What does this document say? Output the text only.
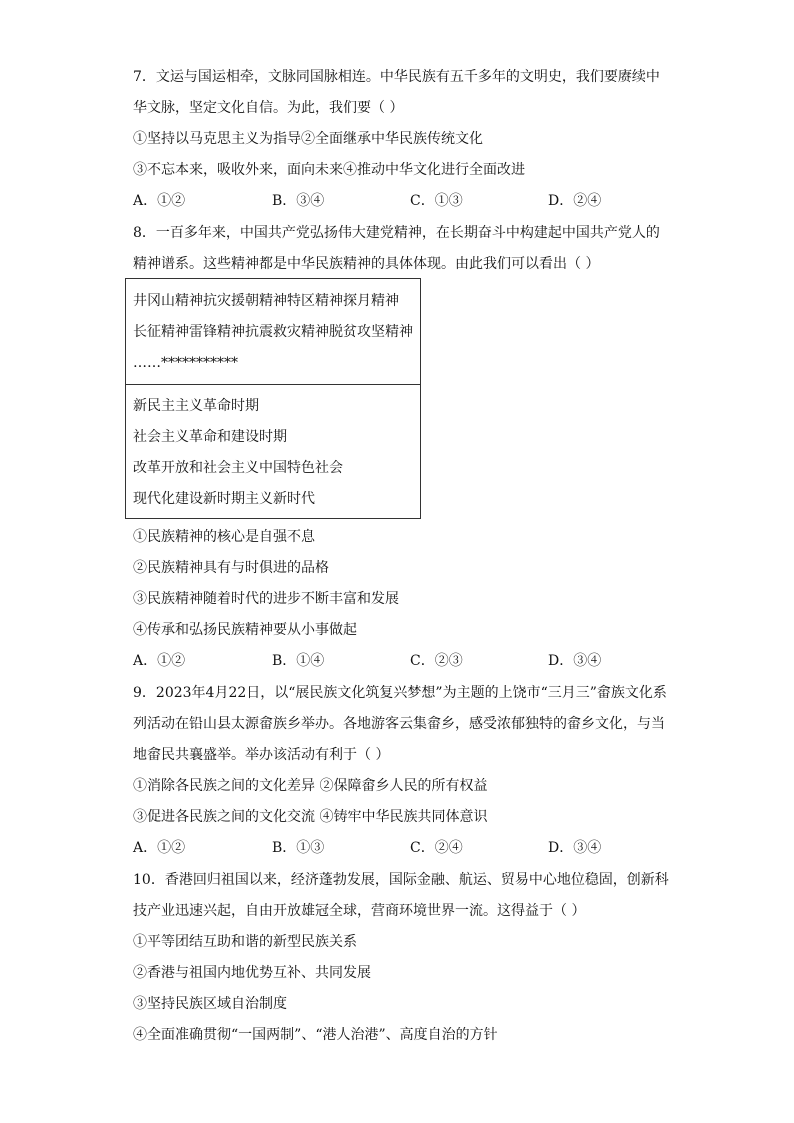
7．文运与国运相牵，文脉同国脉相连。中华民族有五千多年的文明史，我们要赓续中
华文脉，坚定文化自信。为此，我们要（ ）
①坚持以马克思主义为指导②全面继承中华民族传统文化
③不忘本来，吸收外来，面向未来④推动中华文化进行全面改进
A．①②	B．③④	C．①③	D．②④
8．一百多年来，中国共产党弘扬伟大建党精神，在长期奋斗中构建起中国共产党人的
精神谱系。这些精神都是中华民族精神的具体体现。由此我们可以看出（ ）
井冈山精神抗灾援朝精神特区精神探月精神
长征精神雷锋精神抗震救灾精神脱贫攻坚精神
……***********
新民主主义革命时期
社会主义革命和建设时期
改革开放和社会主义中国特色社会
现代化建设新时期主义新时代
①民族精神的核心是自强不息
②民族精神具有与时俱进的品格
③民族精神随着时代的进步不断丰富和发展
④传承和弘扬民族精神要从小事做起
A．①②	B．①④	C．②③	D．③④
9．2023年4月22日，以“展民族文化筑复兴梦想”为主题的上饶市“三月三”畲族文化系
列活动在铅山县太源畲族乡举办。各地游客云集畲乡，感受浓郁独特的畲乡文化，与当
地畲民共襄盛举。举办该活动有利于（ ）
①消除各民族之间的文化差异 ②保障畲乡人民的所有权益
③促进各民族之间的文化交流 ④铸牢中华民族共同体意识
A．①②	B．①③	C．②④	D．③④
10．香港回归祖国以来，经济蓬勃发展，国际金融、航运、贸易中心地位稳固，创新科
技产业迅速兴起，自由开放雄冠全球，营商环境世界一流。这得益于（ ）
①平等团结互助和谐的新型民族关系
②香港与祖国内地优势互补、共同发展
③坚持民族区域自治制度
④全面准确贯彻“一国两制”、“港人治港”、高度自治的方针
